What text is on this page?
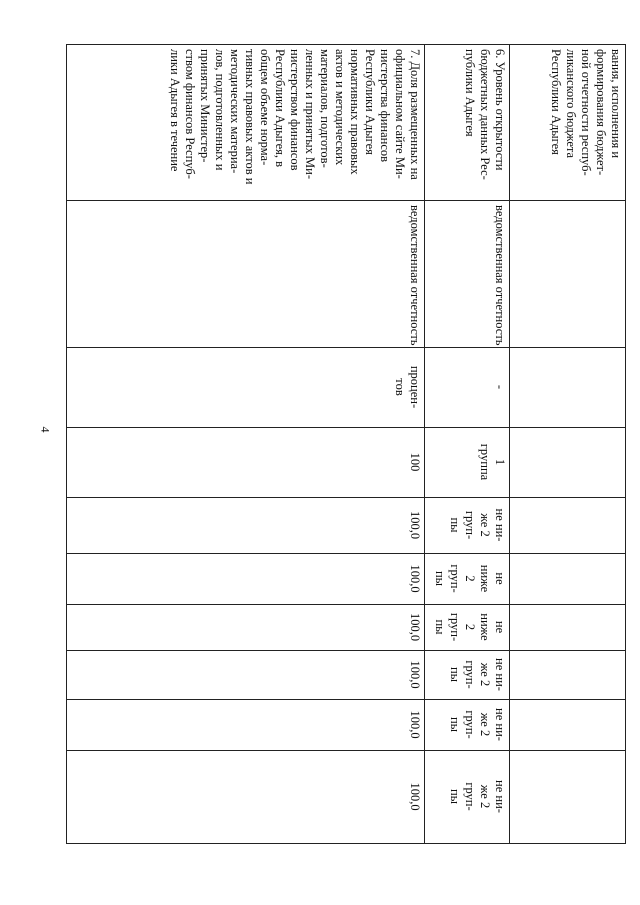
4
вания, исполнения и
формирования бюджет-
ной отчетности респуб-
ликанского бюджета
Республики Адыгея
6. Уровень открытости
бюджетных данных Рес-
публики Адыгея
ведомственная отчетность
-
1
группа
не ни-
же 2
груп-
пы
не
ниже
2
груп-
пы
не
ниже
2
груп-
пы
не ни-
же 2
груп-
пы
не ни-
же 2
груп-
пы
не ни-
же 2
груп-
пы
7. Доля размещенных на
официальном сайте Ми-
нистерства финансов
Республики Адыгея
нормативных правовых
актов и методических
материалов, подготов-
ленных и принятых Ми-
нистерством финансов
Республики Адыгея, в
общем объеме норма-
тивных правовых актов и
методических материа-
лов, подготовленных и
принятых Министер-
ством финансов Респуб-
лики Адыгея в течение
ведомственная отчетность
процен-
тов
100
100,0
100,0
100,0
100,0
100,0
100,0
